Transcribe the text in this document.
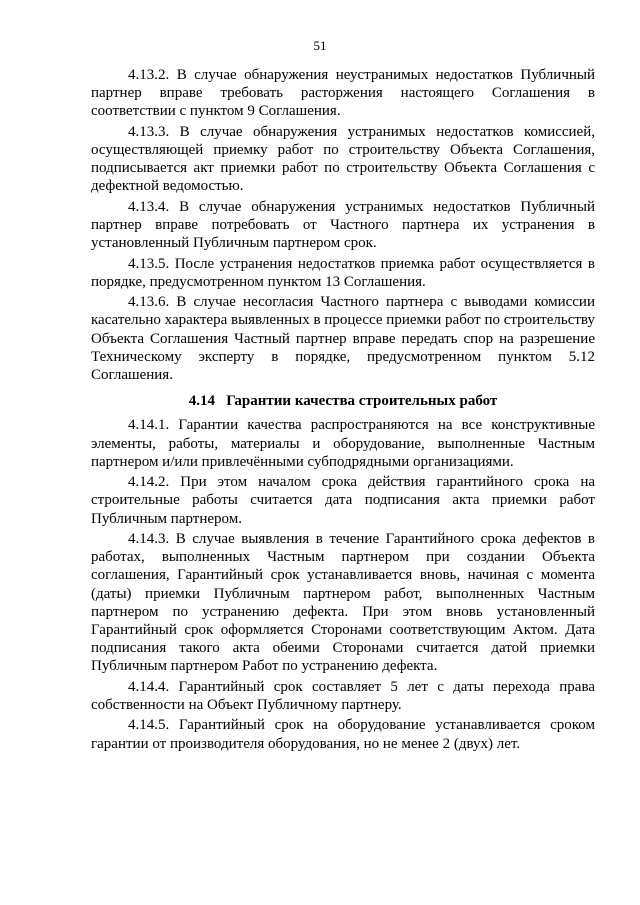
51

4.13.2. В случае обнаружения неустранимых недостатков Публичный партнер вправе требовать расторжения настоящего Соглашения в соответствии с пунктом 9 Соглашения.

4.13.3. В случае обнаружения устранимых недостатков комиссией, осуществляющей приемку работ по строительству Объекта Соглашения, подписывается акт приемки работ по строительству Объекта Соглашения с дефектной ведомостью.

4.13.4. В случае обнаружения устранимых недостатков Публичный партнер вправе потребовать от Частного партнера их устранения в установленный Публичным партнером срок.

4.13.5. После устранения недостатков приемка работ осуществляется в порядке, предусмотренном пунктом 13 Соглашения.

4.13.6. В случае несогласия Частного партнера с выводами комиссии касательно характера выявленных в процессе приемки работ по строительству Объекта Соглашения Частный партнер вправе передать спор на разрешение Техническому эксперту в порядке, предусмотренном пунктом 5.12 Соглашения.

4.14   Гарантии качества строительных работ

4.14.1. Гарантии качества распространяются на все конструктивные элементы, работы, материалы и оборудование, выполненные Частным партнером и/или привлечёнными субподрядными организациями.

4.14.2. При этом началом срока действия гарантийного срока на строительные работы считается дата подписания акта приемки работ Публичным партнером.

4.14.3. В случае выявления в течение Гарантийного срока дефектов в работах, выполненных Частным партнером при создании Объекта соглашения, Гарантийный срок устанавливается вновь, начиная с момента (даты) приемки Публичным партнером работ, выполненных Частным партнером по устранению дефекта. При этом вновь установленный Гарантийный срок оформляется Сторонами соответствующим Актом. Дата подписания такого акта обеими Сторонами считается датой приемки Публичным партнером Работ по устранению дефекта.

4.14.4. Гарантийный срок составляет 5 лет с даты перехода права собственности на Объект Публичному партнеру.

4.14.5. Гарантийный срок на оборудование устанавливается сроком гарантии от производителя оборудования, но не менее 2 (двух) лет.
